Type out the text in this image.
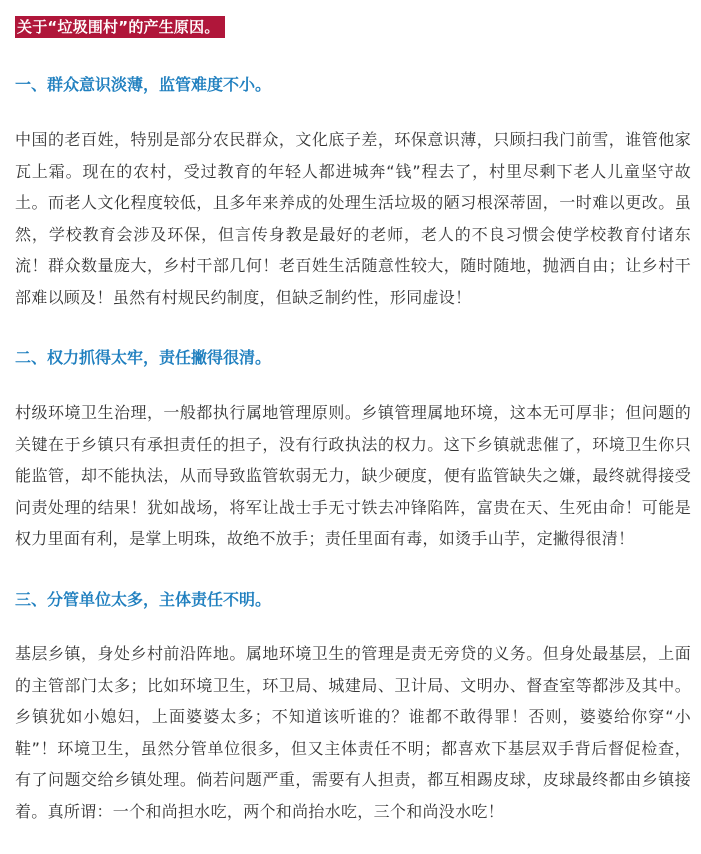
关于“垃圾围村”的产生原因。
一、群众意识淡薄，监管难度不小。

中国的老百姓，特别是部分农民群众，文化底子差，环保意识薄，只顾扫我门前雪，谁管他家瓦上霜。现在的农村，受过教育的年轻人都进城奔“钱”程去了，村里尽剩下老人儿童坚守故土。而老人文化程度较低，且多年来养成的处理生活垃圾的陋习根深蒂固，一时难以更改。虽然，学校教育会涉及环保，但言传身教是最好的老师，老人的不良习惯会使学校教育付诸东流！群众数量庞大，乡村干部几何！老百姓生活随意性较大，随时随地，抛洒自由；让乡村干部难以顾及！虽然有村规民约制度，但缺乏制约性，形同虚设！

二、权力抓得太牢，责任撇得很清。

村级环境卫生治理，一般都执行属地管理原则。乡镇管理属地环境，这本无可厚非；但问题的关键在于乡镇只有承担责任的担子，没有行政执法的权力。这下乡镇就悲催了，环境卫生你只能监管，却不能执法，从而导致监管软弱无力，缺少硬度，便有监管缺失之嫌，最终就得接受问责处理的结果！犹如战场，将军让战士手无寸铁去冲锋陷阵，富贵在天、生死由命！可能是权力里面有利，是掌上明珠，故绝不放手；责任里面有毒，如烫手山芋，定撇得很清！

三、分管单位太多，主体责任不明。

基层乡镇，身处乡村前沿阵地。属地环境卫生的管理是责无旁贷的义务。但身处最基层，上面的主管部门太多；比如环境卫生，环卫局、城建局、卫计局、文明办、督查室等都涉及其中。乡镇犹如小媳妇，上面婆婆太多；不知道该听谁的？谁都不敢得罪！否则，婆婆给你穿“小鞋”！环境卫生，虽然分管单位很多，但又主体责任不明；都喜欢下基层双手背后督促检查，有了问题交给乡镇处理。倘若问题严重，需要有人担责，都互相踢皮球，皮球最终都由乡镇接着。真所谓：一个和尚担水吃，两个和尚抬水吃，三个和尚没水吃！
